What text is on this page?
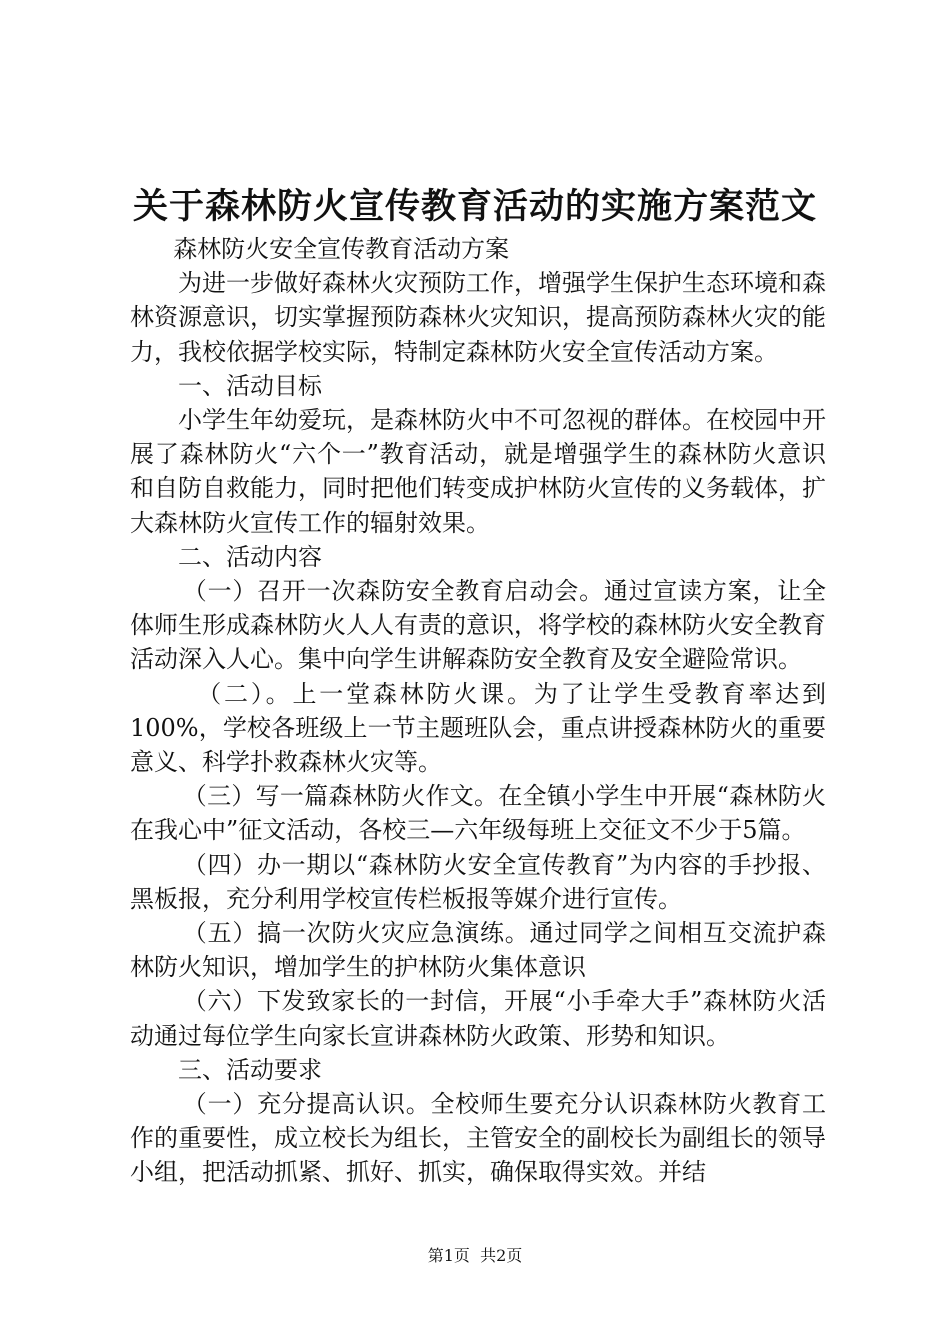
关于森林防火宣传教育活动的实施方案范文

森林防火安全宣传教育活动方案

为进一步做好森林火灾预防工作，增强学生保护生态环境和森林资源意识，切实掌握预防森林火灾知识，提高预防森林火灾的能力，我校依据学校实际，特制定森林防火安全宣传活动方案。

一、活动目标

小学生年幼爱玩，是森林防火中不可忽视的群体。在校园中开展了森林防火“六个一”教育活动，就是增强学生的森林防火意识和自防自救能力，同时把他们转变成护林防火宣传的义务载体，扩大森林防火宣传工作的辐射效果。

二、活动内容

（一）召开一次森防安全教育启动会。通过宣读方案，让全体师生形成森林防火人人有责的意识，将学校的森林防火安全教育活动深入人心。集中向学生讲解森防安全教育及安全避险常识。

（二）。上一堂森林防火课。为了让学生受教育率达到100%，学校各班级上一节主题班队会，重点讲授森林防火的重要意义、科学扑救森林火灾等。

（三）写一篇森林防火作文。在全镇小学生中开展“森林防火在我心中”征文活动，各校三—六年级每班上交征文不少于5篇。

（四）办一期以“森林防火安全宣传教育”为内容的手抄报、黑板报，充分利用学校宣传栏板报等媒介进行宣传。

（五）搞一次防火灾应急演练。通过同学之间相互交流护森林防火知识，增加学生的护林防火集体意识

（六）下发致家长的一封信，开展“小手牵大手”森林防火活动通过每位学生向家长宣讲森林防火政策、形势和知识。

三、活动要求

（一）充分提高认识。全校师生要充分认识森林防火教育工作的重要性，成立校长为组长，主管安全的副校长为副组长的领导小组，把活动抓紧、抓好、抓实，确保取得实效。并结

第1页  共2页
